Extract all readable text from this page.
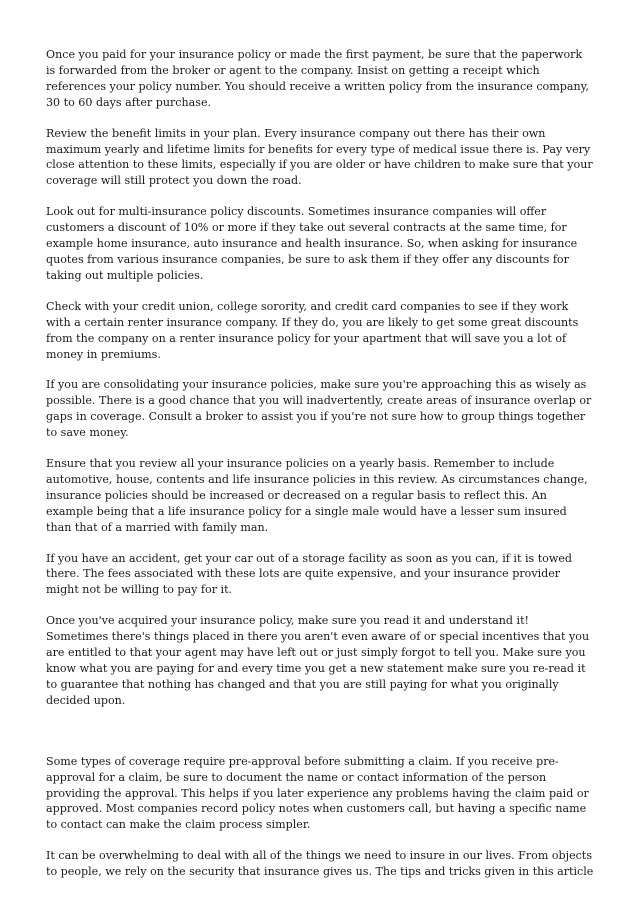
Once you paid for your insurance policy or made the first payment, be sure that the paperwork is forwarded from the broker or agent to the company. Insist on getting a receipt which references your policy number. You should receive a written policy from the insurance company, 30 to 60 days after purchase.

Review the benefit limits in your plan. Every insurance company out there has their own maximum yearly and lifetime limits for benefits for every type of medical issue there is. Pay very close attention to these limits, especially if you are older or have children to make sure that your coverage will still protect you down the road.

Look out for multi-insurance policy discounts. Sometimes insurance companies will offer customers a discount of 10% or more if they take out several contracts at the same time, for example home insurance, auto insurance and health insurance. So, when asking for insurance quotes from various insurance companies, be sure to ask them if they offer any discounts for taking out multiple policies.

Check with your credit union, college sorority, and credit card companies to see if they work with a certain renter insurance company. If they do, you are likely to get some great discounts from the company on a renter insurance policy for your apartment that will save you a lot of money in premiums.

If you are consolidating your insurance policies, make sure you're approaching this as wisely as possible. There is a good chance that you will inadvertently, create areas of insurance overlap or gaps in coverage. Consult a broker to assist you if you're not sure how to group things together to save money.

Ensure that you review all your insurance policies on a yearly basis. Remember to include automotive, house, contents and life insurance policies in this review. As circumstances change, insurance policies should be increased or decreased on a regular basis to reflect this. An example being that a life insurance policy for a single male would have a lesser sum insured than that of a married with family man.

If you have an accident, get your car out of a storage facility as soon as you can, if it is towed there. The fees associated with these lots are quite expensive, and your insurance provider might not be willing to pay for it.

Once you've acquired your insurance policy, make sure you read it and understand it! Sometimes there's things placed in there you aren't even aware of or special incentives that you are entitled to that your agent may have left out or just simply forgot to tell you. Make sure you know what you are paying for and every time you get a new statement make sure you re-read it to guarantee that nothing has changed and that you are still paying for what you originally decided upon.

Some types of coverage require pre-approval before submitting a claim. If you receive pre-approval for a claim, be sure to document the name or contact information of the person providing the approval. This helps if you later experience any problems having the claim paid or approved. Most companies record policy notes when customers call, but having a specific name to contact can make the claim process simpler.

It can be overwhelming to deal with all of the things we need to insure in our lives. From objects to people, we rely on the security that insurance gives us. The tips and tricks given in this article
